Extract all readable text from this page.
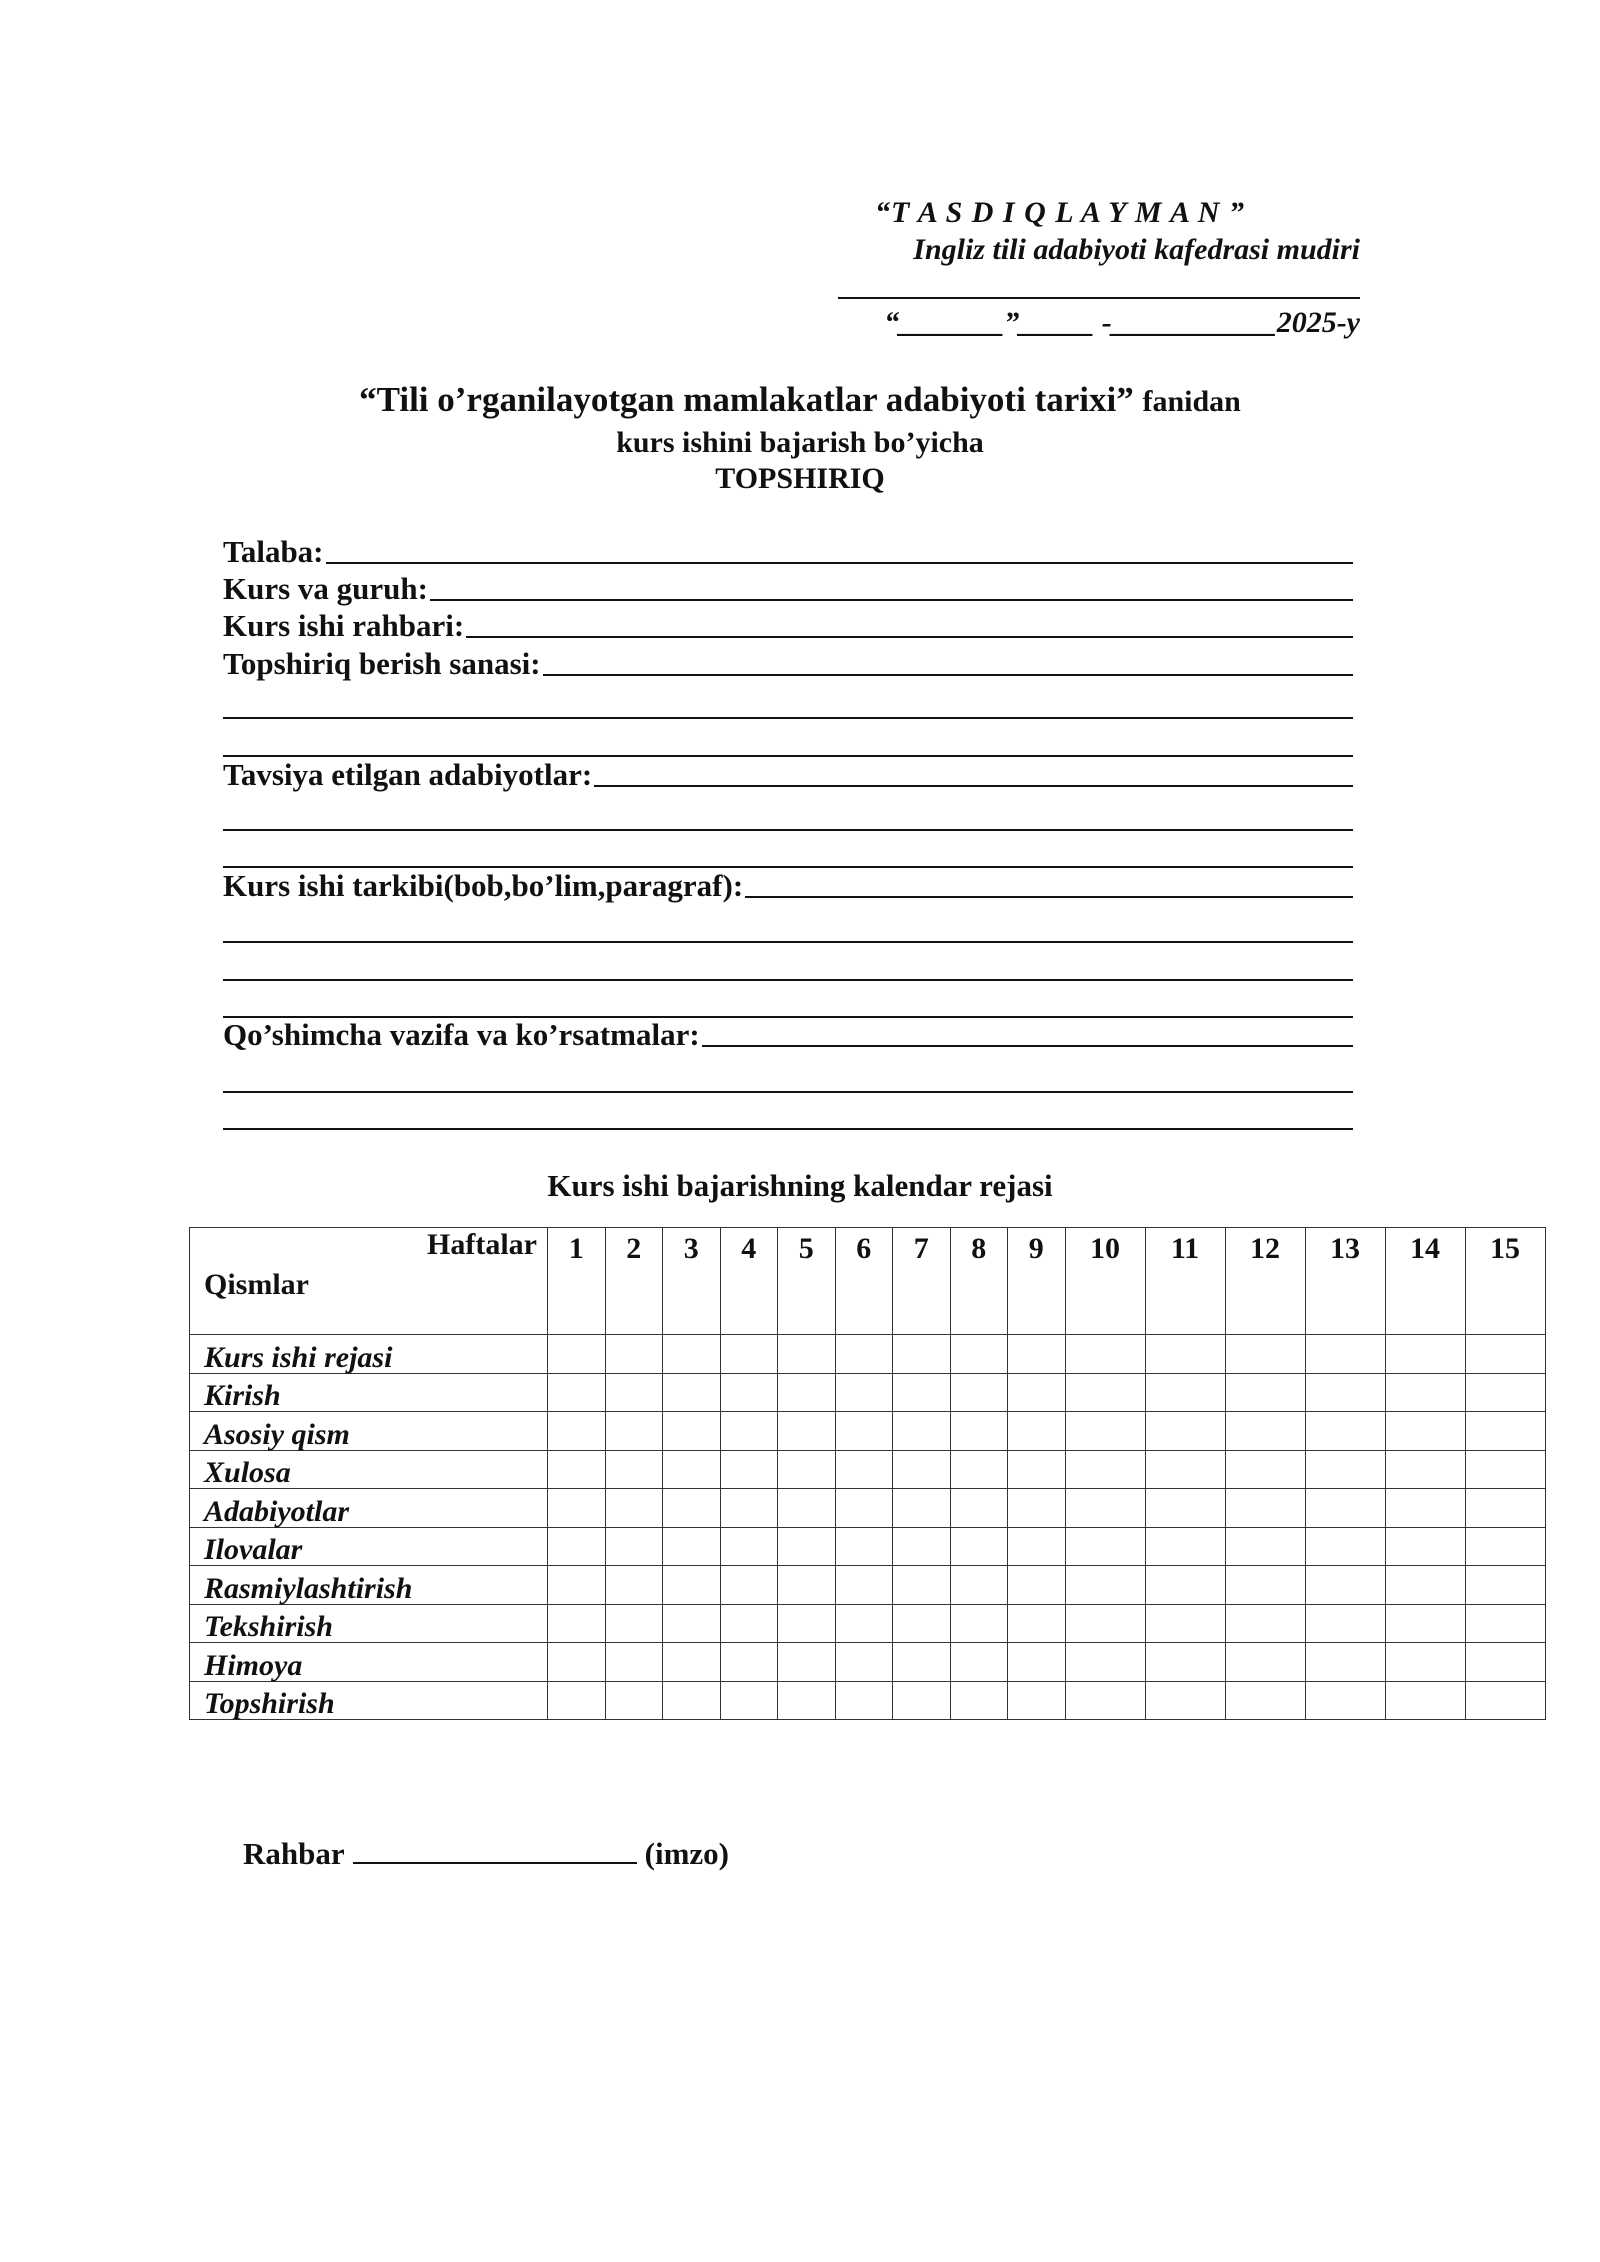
“T A S D I Q L A Y M A N ”
Ingliz tili adabiyoti kafedrasi mudiri
“_______”_____ -___________2025-y
“Tili o’rganilayotgan mamlakatlar adabiyoti tarixi” fanidan
kurs ishini bajarish bo’yicha
TOPSHIRIQ
Talaba:
Kurs va guruh:
Kurs ishi rahbari:
Topshiriq berish sanasi:
Tavsiya etilgan adabiyotlar:
Kurs ishi tarkibi(bob,bo’lim,paragraf):
Qo’shimcha vazifa va ko’rsatmalar:
Kurs ishi bajarishning kalendar rejasi
Haftalar
Qismlar	1	2	3	4	5	6	7	8	9	10	11	12	13	14	15
Kurs ishi rejasi															
Kirish															
Asosiy qism															
Xulosa															
Adabiyotlar															
Ilovalar															
Rasmiylashtirish															
Tekshirish															
Himoya															
Topshirish															
Rahbar	(imzo)
